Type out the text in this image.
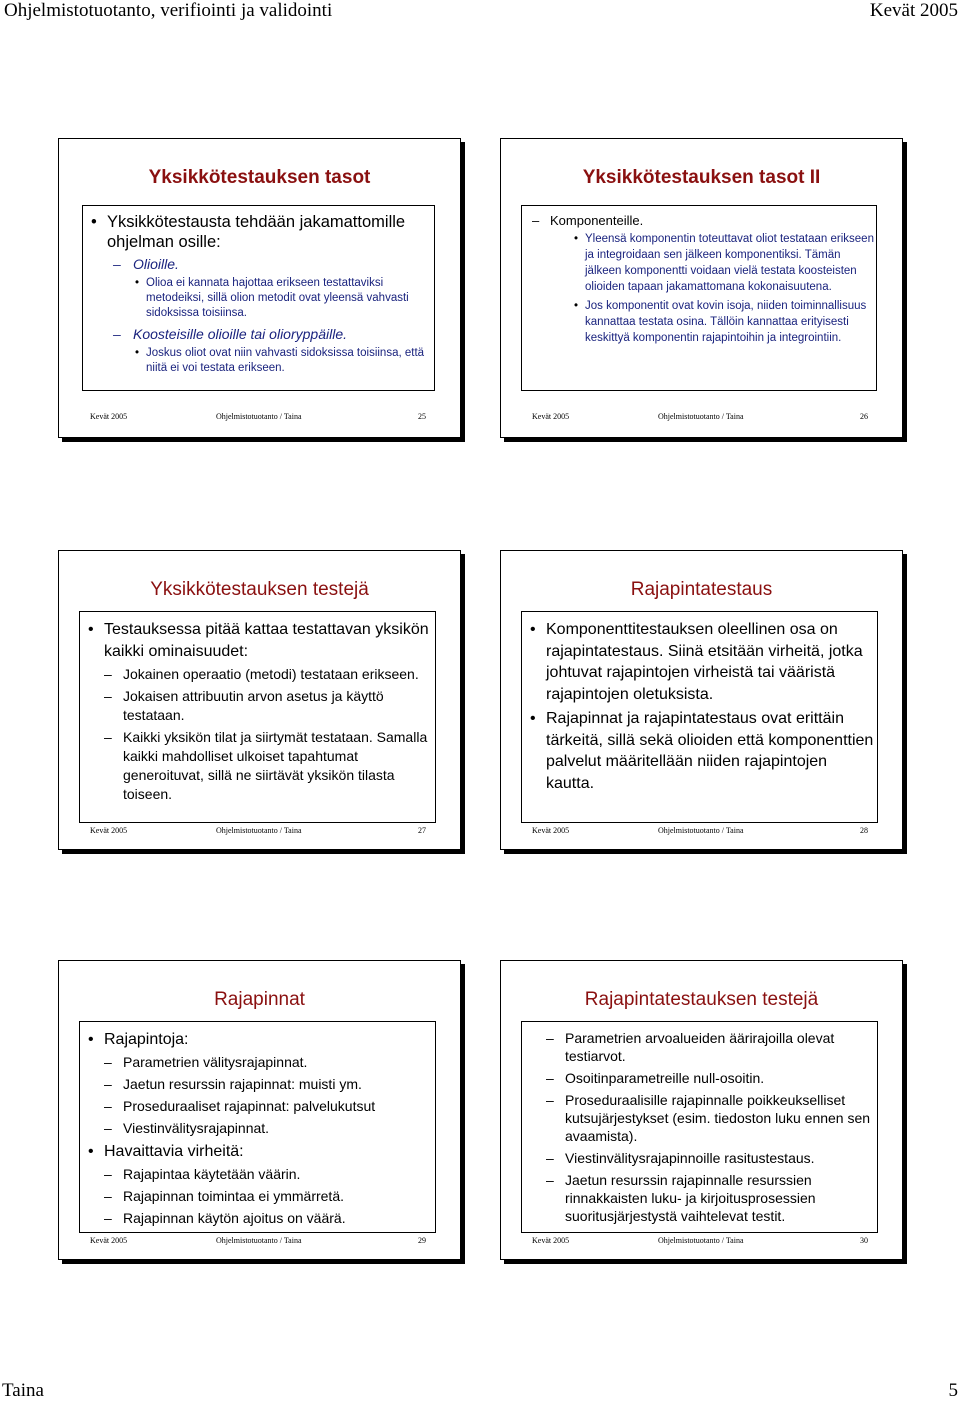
Ohjelmistotuotanto, verifiointi ja validointi	Kevät 2005
Yksikkötestauksen tasot
• Yksikkötestausta tehdään jakamattomille ohjelman osille:
– Olioille.
• Olioa ei kannata hajottaa erikseen testattaviksi metodeiksi, sillä olion metodit ovat yleensä vahvasti sidoksissa toisiinsa.
– Koosteisille olioille tai olioryppäille.
• Joskus oliot ovat niin vahvasti sidoksissa toisiinsa, että niitä ei voi testata erikseen.
Kevät 2005	Ohjelmistotuotanto / Taina	25
Yksikkötestauksen tasot II
– Komponenteille.
• Yleensä komponentin toteuttavat oliot testataan erikseen ja integroidaan sen jälkeen komponentiksi. Tämän jälkeen komponentti voidaan vielä testata koosteisten olioiden tapaan jakamattomana kokonaisuutena.
• Jos komponentit ovat kovin isoja, niiden toiminnallisuus kannattaa testata osina. Tällöin kannattaa erityisesti keskittyä komponentin rajapintoihin ja integrointiin.
Kevät 2005	Ohjelmistotuotanto / Taina	26
Yksikkötestauksen testejä
• Testauksessa pitää kattaa testattavan yksikön kaikki ominaisuudet:
– Jokainen operaatio (metodi) testataan erikseen.
– Jokaisen attribuutin arvon asetus ja käyttö testataan.
– Kaikki yksikön tilat ja siirtymät testataan. Samalla kaikki mahdolliset ulkoiset tapahtumat generoituvat, sillä ne siirtävät yksikön tilasta toiseen.
Kevät 2005	Ohjelmistotuotanto / Taina	27
Rajapintatestaus
• Komponenttitestauksen oleellinen osa on rajapintatestaus. Siinä etsitään virheitä, jotka johtuvat rajapintojen virheistä tai vääristä rajapintojen oletuksista.
• Rajapinnat ja rajapintatestaus ovat erittäin tärkeitä, sillä sekä olioiden että komponenttien palvelut määritellään niiden rajapintojen kautta.
Kevät 2005	Ohjelmistotuotanto / Taina	28
Rajapinnat
• Rajapintoja:
– Parametrien välitysrajapinnat.
– Jaetun resurssin rajapinnat: muisti ym.
– Proseduraaliset rajapinnat: palvelukutsut
– Viestinvälitysrajapinnat.
• Havaittavia virheitä:
– Rajapintaa käytetään väärin.
– Rajapinnan toimintaa ei ymmärretä.
– Rajapinnan käytön ajoitus on väärä.
Kevät 2005	Ohjelmistotuotanto / Taina	29
Rajapintatestauksen testejä
– Parametrien arvoalueiden äärirajoilla olevat testiarvot.
– Osoitinparametreille null-osoitin.
– Proseduraalisille rajapinnalle poikkeukselliset kutsujärjestykset (esim. tiedoston luku ennen sen avaamista).
– Viestinvälitysrajapinnoille rasitustestaus.
– Jaetun resurssin rajapinnalle resurssien rinnakkaisten luku- ja kirjoitusprosessien suoritusjärjestystä vaihtelevat testit.
Kevät 2005	Ohjelmistotuotanto / Taina	30
Taina	5
